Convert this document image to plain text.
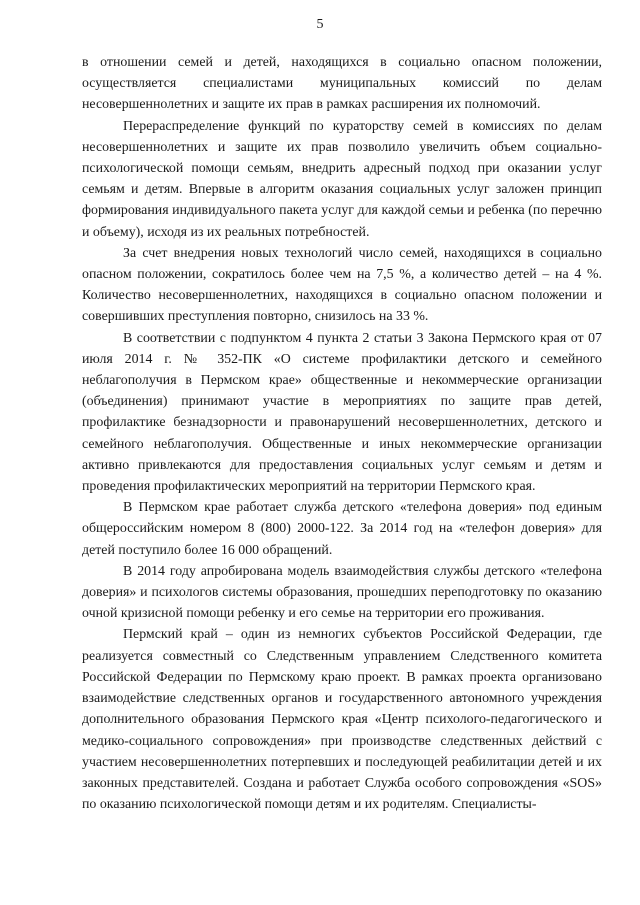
5

в отношении семей и детей, находящихся в социально опасном положении, осуществляется специалистами муниципальных комиссий по делам несовершеннолетних и защите их прав в рамках расширения их полномочий.

Перераспределение функций по кураторству семей в комиссиях по делам несовершеннолетних и защите их прав позволило увеличить объем социально-психологической помощи семьям, внедрить адресный подход при оказании услуг семьям и детям. Впервые в алгоритм оказания социальных услуг заложен принцип формирования индивидуального пакета услуг для каждой семьи и ребенка (по перечню и объему), исходя из их реальных потребностей.

За счет внедрения новых технологий число семей, находящихся в социально опасном положении, сократилось более чем на 7,5 %, а количество детей – на 4 %. Количество несовершеннолетних, находящихся в социально опасном положении и совершивших преступления повторно, снизилось на 33 %.

В соответствии с подпунктом 4 пункта 2 статьи 3 Закона Пермского края от 07 июля 2014 г. № 352-ПК «О системе профилактики детского и семейного неблагополучия в Пермском крае» общественные и некоммерческие организации (объединения) принимают участие в мероприятиях по защите прав детей, профилактике безнадзорности и правонарушений несовершеннолетних, детского и семейного неблагополучия. Общественные и иных некоммерческие организации активно привлекаются для предоставления социальных услуг семьям и детям и проведения профилактических мероприятий на территории Пермского края.

В Пермском крае работает служба детского «телефона доверия» под единым общероссийским номером 8 (800) 2000-122. За 2014 год на «телефон доверия» для детей поступило более 16 000 обращений.

В 2014 году апробирована модель взаимодействия службы детского «телефона доверия» и психологов системы образования, прошедших переподготовку по оказанию очной кризисной помощи ребенку и его семье на территории его проживания.

Пермский край – один из немногих субъектов Российской Федерации, где реализуется совместный со Следственным управлением Следственного комитета Российской Федерации по Пермскому краю проект. В рамках проекта организовано взаимодействие следственных органов и государственного автономного учреждения дополнительного образования Пермского края «Центр психолого-педагогического и медико-социального сопровождения» при производстве следственных действий с участием несовершеннолетних потерпевших и последующей реабилитации детей и их законных представителей. Создана и работает Служба особого сопровождения «SOS» по оказанию психологической помощи детям и их родителям. Специалисты-
